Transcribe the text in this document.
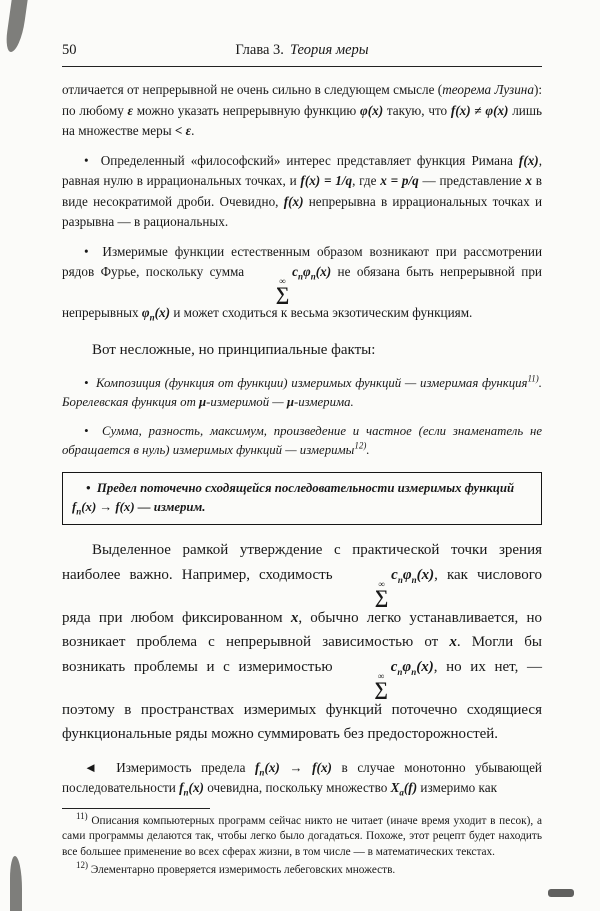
50	Глава 3. Теория меры

отличается от непрерывной не очень сильно в следующем смысле (теорема Лузина): по любому ε можно указать непрерывную функцию φ(x) такую, что f(x) ≠ φ(x) лишь на множестве меры < ε.

•  Определенный «философский» интерес представляет функция Римана f(x), равная нулю в иррациональных точках, и f(x) = 1/q, где x = p/q — представление x в виде несократимой дроби. Очевидно, f(x) непрерывна в иррациональных точках и разрывна — в рациональных.

•  Измеримые функции естественным образом возникают при рассмотрении рядов Фурье, поскольку сумма
∞
∑
$c_n\varphi_n(x)$ не обязана быть непрерывной при непрерывных $\varphi_n(x)$ и может сходиться к весьма экзотическим функциям.

Вот несложные, но принципиальные факты:

•  Композиция (функция от функции) измеримых функций — измеримая функция$^{11)}$. Борелевская функция от μ-измеримой — μ-измерима.

•  Сумма, разность, максимум, произведение и частное (если знаменатель не обращается в нуль) измеримых функций — измеримы$^{12)}$.

•  Предел поточечно сходящейся последовательности измеримых функций $f_n(x) \to f(x)$ — измерим.

Выделенное рамкой утверждение с практической точки зрения наиболее важно. Например, сходимость
∞
∑
$c_n\varphi_n(x)$, как числового ряда при любом фиксированном x, обычно легко устанавливается, но возникает проблема с непрерывной зависимостью от x. Могли бы возникать проблемы и с измеримостью
∞
∑
$c_n\varphi_n(x)$, но их нет, — поэтому в пространствах измеримых функций поточечно сходящиеся функциональные ряды можно суммировать без предосторожностей.

◄  Измеримость предела $f_n(x) \to f(x)$ в случае монотонно убывающей последовательности $f_n(x)$ очевидна, поскольку множество $X_a(f)$ измеримо как

$^{11)}$ Описания компьютерных программ сейчас никто не читает (иначе время уходит в песок), а сами программы делаются так, чтобы легко было догадаться. Похоже, этот рецепт будет находить все большее применение во всех сферах жизни, в том числе — в математических текстах.

$^{12)}$ Элементарно проверяется измеримость лебеговских множеств.
